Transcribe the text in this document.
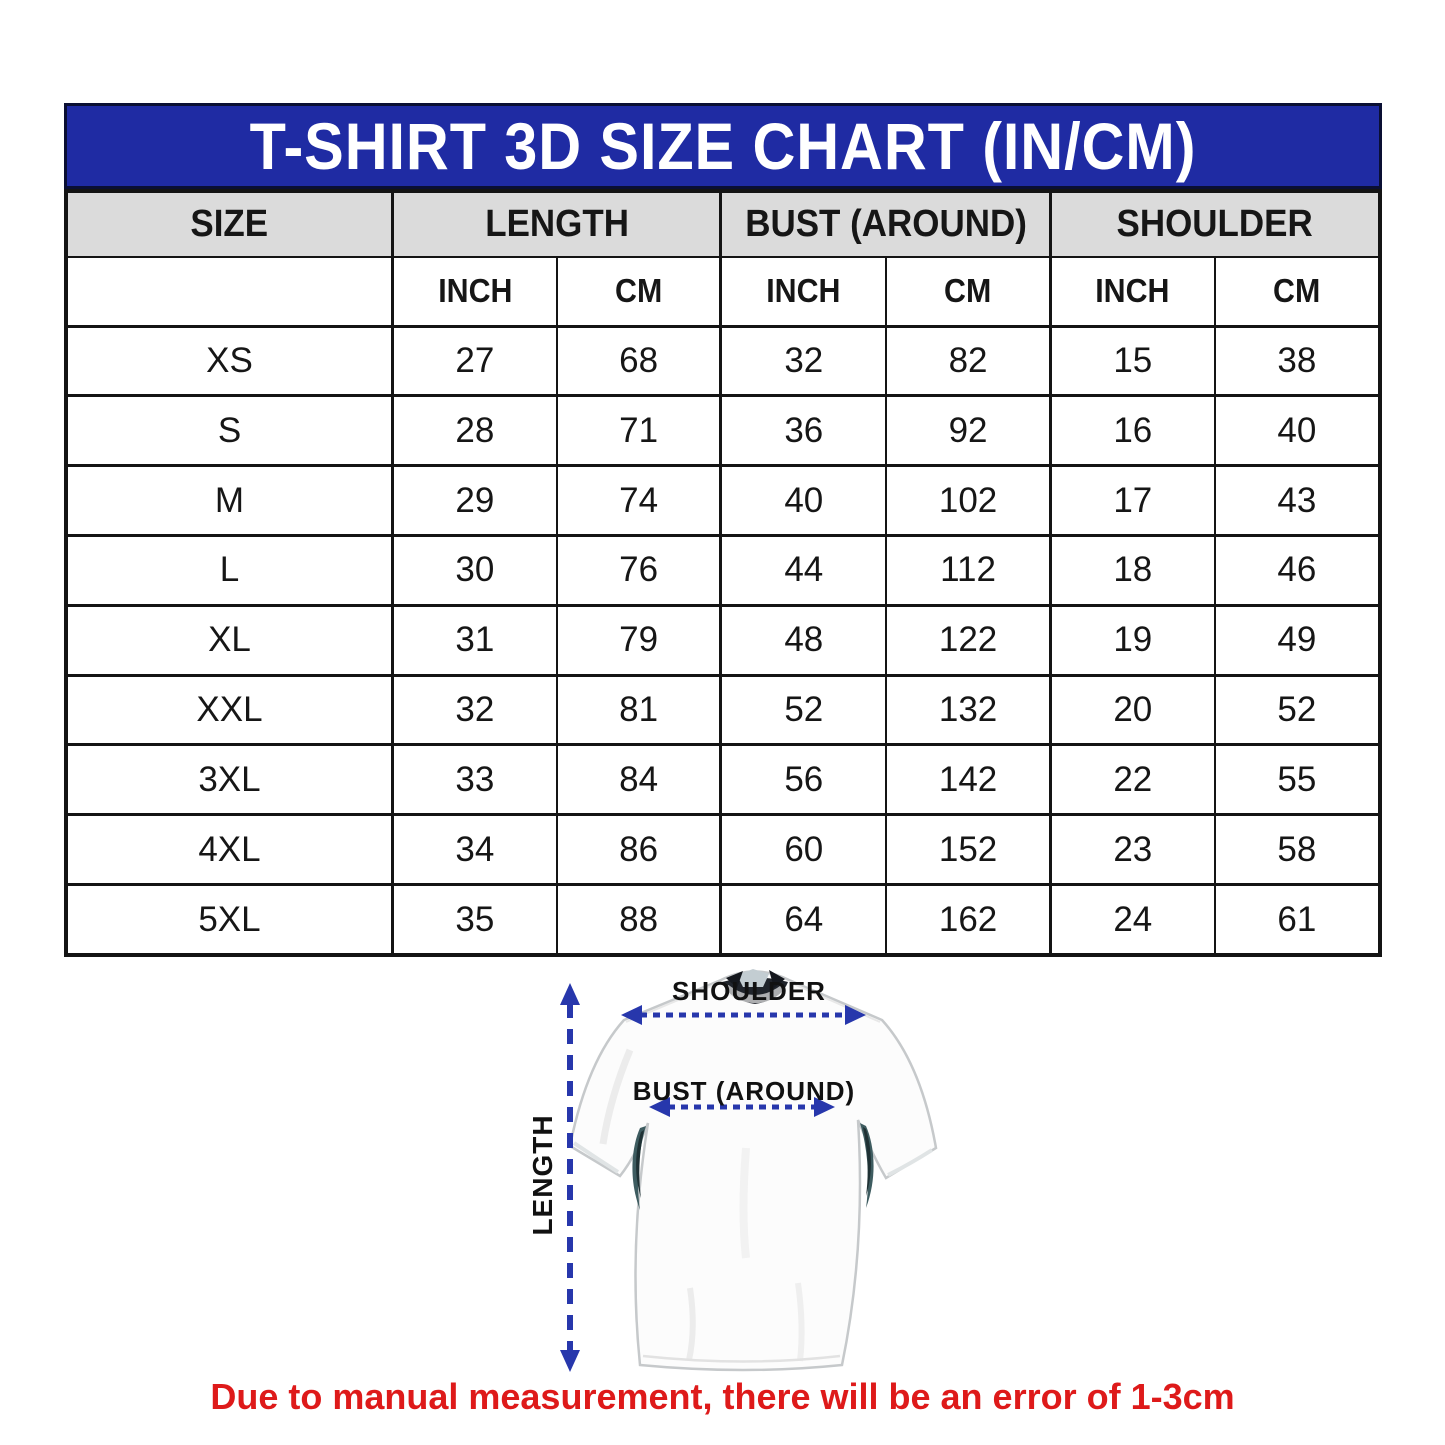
T-SHIRT 3D SIZE CHART (IN/CM)
SIZE	LENGTH		BUST (AROUND)		SHOULDER	
	INCH	CM	INCH	CM	INCH	CM
XS	27	68	32	82	15	38
S	28	71	36	92	16	40
M	29	74	40	102	17	43
L	30	76	44	112	18	46
XL	31	79	48	122	19	49
XXL	32	81	52	132	20	52
3XL	33	84	56	142	22	55
4XL	34	86	60	152	23	58
5XL	35	88	64	162	24	61
SHOULDER
BUST (AROUND)
LENGTH
Due to manual measurement, there will be an error of 1-3cm
